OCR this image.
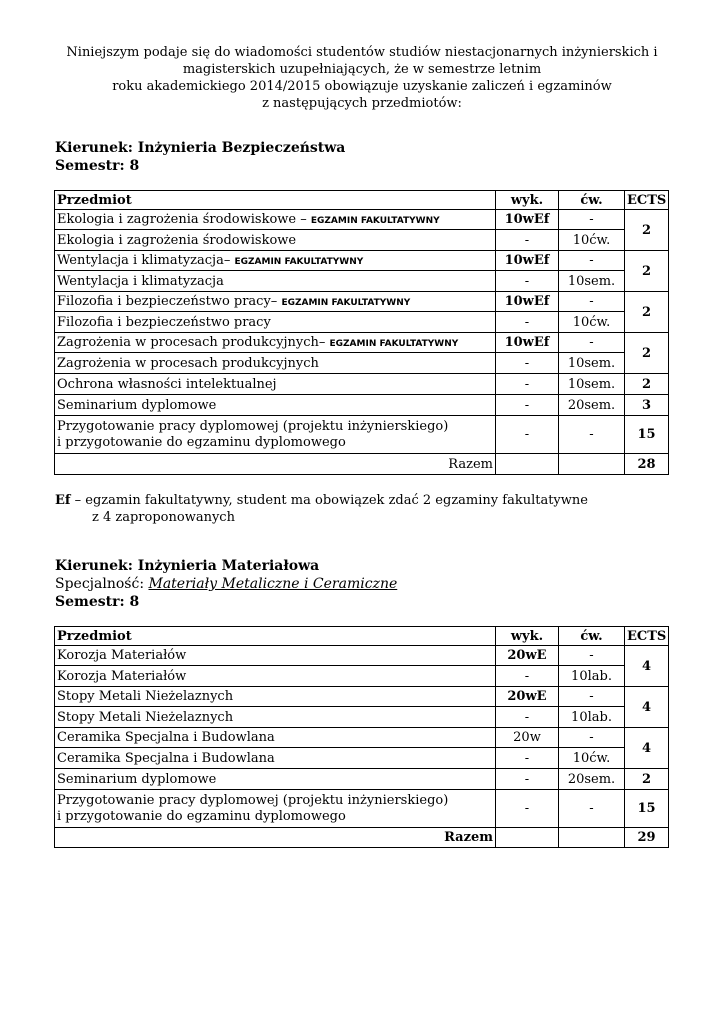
Niniejszym podaje się do wiadomości studentów studiów niestacjonarnych inżynierskich i
magisterskich uzupełniających, że w semestrze letnim
roku akademickiego 2014/2015 obowiązuje uzyskanie zaliczeń i egzaminów
z następujących przedmiotów:
Kierunek: Inżynieria Bezpieczeństwa
Semestr: 8
Przedmiot	wyk.	ćw.	ECTS
Ekologia i zagrożenia środowiskowe – EGZAMIN FAKULTATYWNY	10wEf	-	2
Ekologia i zagrożenia środowiskowe	-	10ćw.	
Wentylacja i klimatyzacja– EGZAMIN FAKULTATYWNY	10wEf	-	2
Wentylacja i klimatyzacja	-	10sem.	
Filozofia i bezpieczeństwo pracy– EGZAMIN FAKULTATYWNY	10wEf	-	2
Filozofia i bezpieczeństwo pracy	-	10ćw.	
Zagrożenia w procesach produkcyjnych– EGZAMIN FAKULTATYWNY	10wEf	-	2
Zagrożenia w procesach produkcyjnych	-	10sem.	
Ochrona własności intelektualnej	-	10sem.	2
Seminarium dyplomowe	-	20sem.	3
Przygotowanie pracy dyplomowej (projektu inżynierskiego)
i przygotowanie do egzaminu dyplomowego	-	-	15
Razem			28
Ef – egzamin fakultatywny, student ma obowiązek zdać 2 egzaminy fakultatywne
z 4 zaproponowanych
Kierunek: Inżynieria Materiałowa
Specjalność: Materiały Metaliczne i Ceramiczne
Semestr: 8
Przedmiot	wyk.	ćw.	ECTS
Korozja Materiałów	20wE	-	4
Korozja Materiałów	-	10lab.	
Stopy Metali Nieżelaznych	20wE	-	4
Stopy Metali Nieżelaznych	-	10lab.	
Ceramika Specjalna i Budowlana	20w	-	4
Ceramika Specjalna i Budowlana	-	10ćw.	
Seminarium dyplomowe	-	20sem.	2
Przygotowanie pracy dyplomowej (projektu inżynierskiego)
i przygotowanie do egzaminu dyplomowego	-	-	15
Razem			29
